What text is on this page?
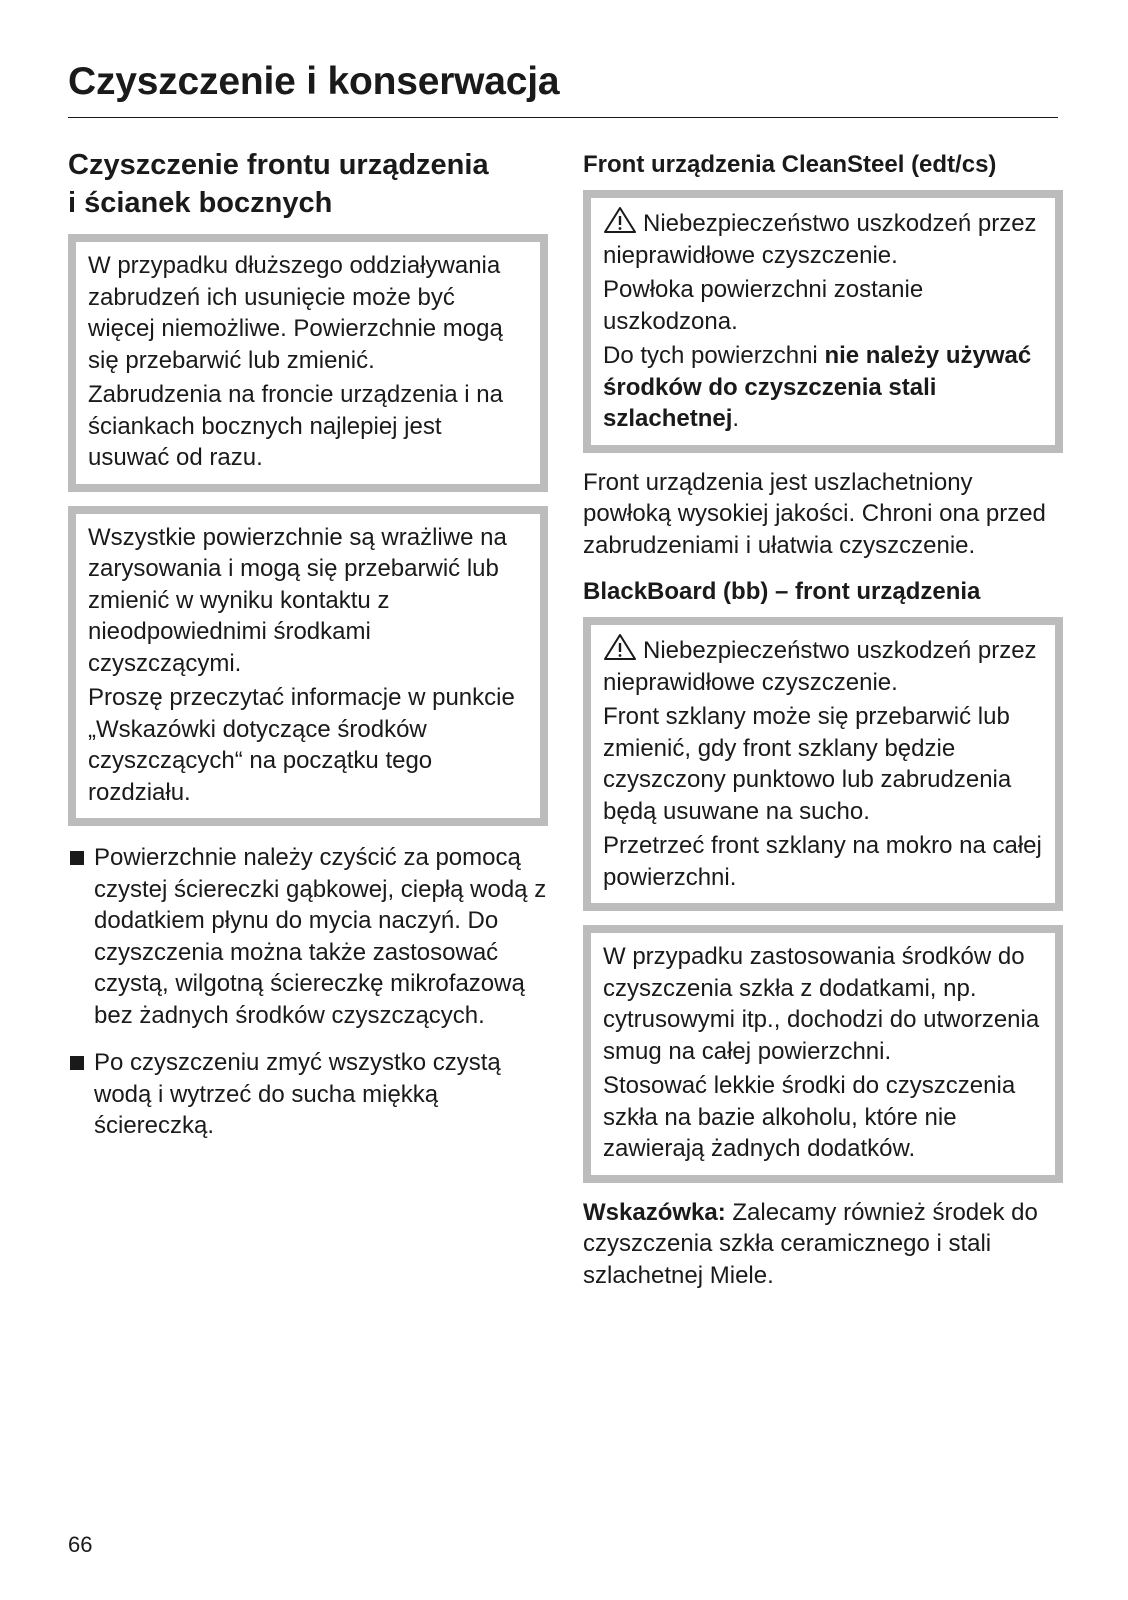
Czyszczenie i konserwacja
Czyszczenie frontu urządzenia
i ścianek bocznych

W przypadku dłuższego oddziaływania zabrudzeń ich usunięcie może być więcej niemożliwe. Powierzchnie mogą się przebarwić lub zmienić.

Zabrudzenia na froncie urządzenia i na ściankach bocznych najlepiej jest usuwać od razu.

Wszystkie powierzchnie są wrażliwe na zarysowania i mogą się przebarwić lub zmienić w wyniku kontaktu z nieodpowiednimi środkami czyszczącymi.

Proszę przeczytać informacje w punkcie „Wskazówki dotyczące środków czyszczących“ na początku tego rozdziału.

Powierzchnie należy czyścić za pomocą czystej ściereczki gąbkowej, ciepłą wodą z dodatkiem płynu do mycia naczyń. Do czyszczenia można także zastosować czystą, wilgotną ściereczkę mikrofazową bez żadnych środków czyszczących.
Po czyszczeniu zmyć wszystko czystą wodą i wytrzeć do sucha miękką ściereczką.
Front urządzenia CleanSteel (edt/cs)

Niebezpieczeństwo uszkodzeń przez nieprawidłowe czyszczenie.

Powłoka powierzchni zostanie uszkodzona.

Do tych powierzchni nie należy używać środków do czyszczenia stali szlachetnej.

Front urządzenia jest uszlachetniony powłoką wysokiej jakości. Chroni ona przed zabrudzeniami i ułatwia czyszczenie.

BlackBoard (bb) – front urządzenia

Niebezpieczeństwo uszkodzeń przez nieprawidłowe czyszczenie.

Front szklany może się przebarwić lub zmienić, gdy front szklany będzie czyszczony punktowo lub zabrudzenia będą usuwane na sucho.

Przetrzeć front szklany na mokro na całej powierzchni.

W przypadku zastosowania środków do czyszczenia szkła z dodatkami, np. cytrusowymi itp., dochodzi do utworzenia smug na całej powierzchni.

Stosować lekkie środki do czyszczenia szkła na bazie alkoholu, które nie zawierają żadnych dodatków.

Wskazówka: Zalecamy również środek do czyszczenia szkła ceramicznego i stali szlachetnej Miele.

66
